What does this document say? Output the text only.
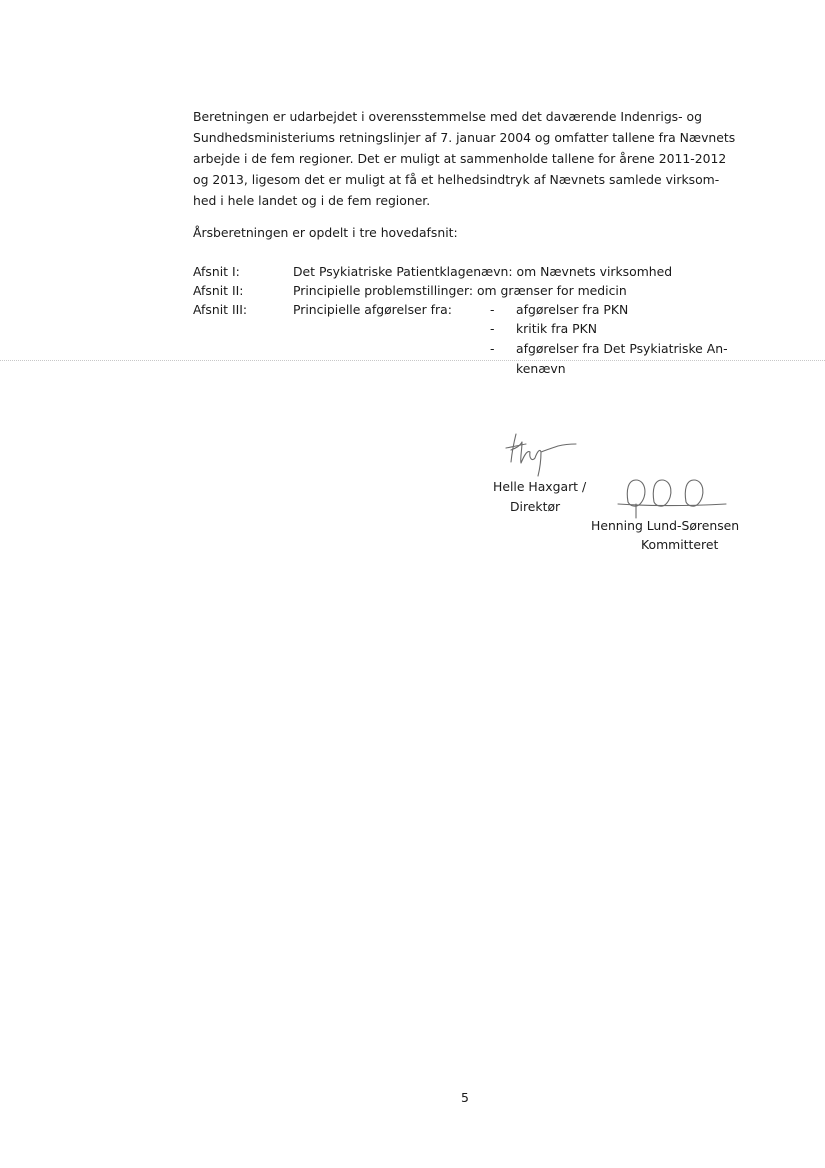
Beretningen er udarbejdet i overensstemmelse med det daværende Indenrigs- og
Sundhedsministeriums retningslinjer af 7. januar 2004 og omfatter tallene fra Nævnets
arbejde i de fem regioner. Det er muligt at sammenholde tallene for årene 2011-2012
og 2013, ligesom det er muligt at få et helhedsindtryk af Nævnets samlede virksom-
hed i hele landet og i de fem regioner.
Årsberetningen er opdelt i tre hovedafsnit:
Afsnit I:	Det Psykiatriske Patientklagenævn: om Nævnets virksomhed
Afsnit II:	Principielle problemstillinger: om grænser for medicin
Afsnit III:	Principielle afgørelser fra:	- afgørelser fra PKN
- kritik fra PKN
- afgørelser fra Det Psykiatriske An-
kenævn
Helle Haxgart /
Direktør
Henning Lund-Sørensen
Kommitteret
5
